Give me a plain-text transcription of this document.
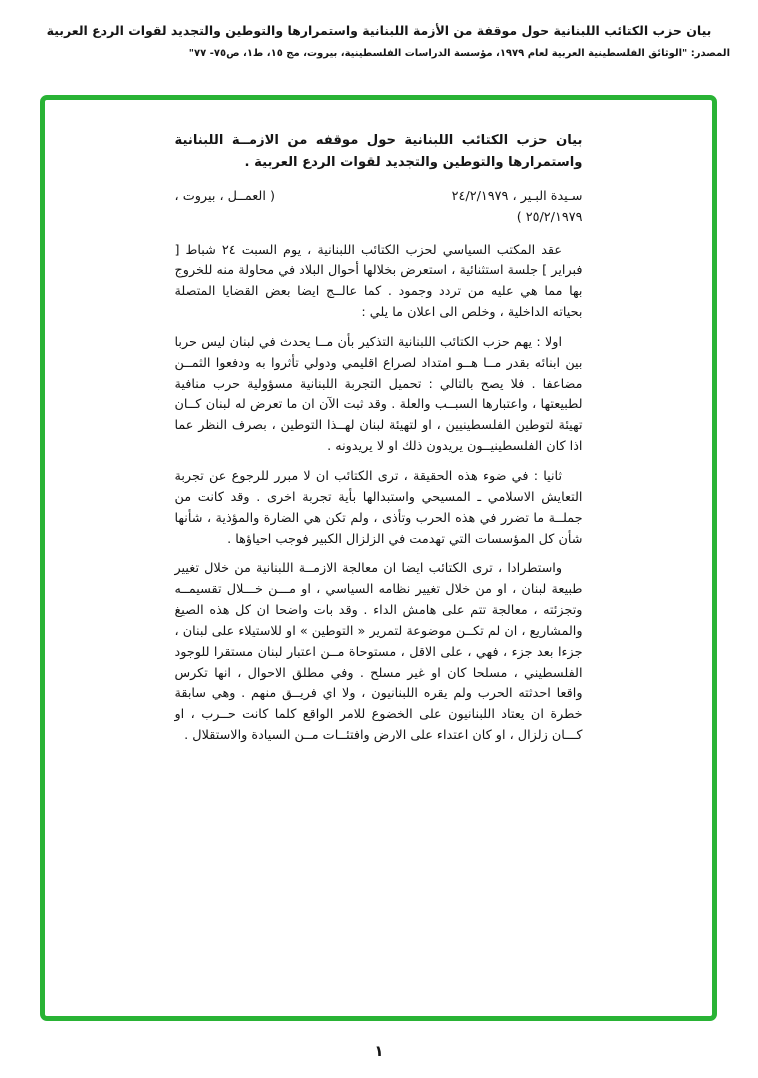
بيان حزب الكتائب اللبنانية حول موقفة من الأزمة اللبنانية واستمرارها والتوطين والتجديد لقوات الردع العربية
المصدر: "الوثائق الفلسطينية العربية لعام ١٩٧٩، مؤسسة الدراسات الفلسطينية، بيروت، مج ١٥، ط١، ص٧٥- ٧٧"
بيان حزب الكتائب اللبنانية حول موقفه من الازمــة اللبنانية واستمرارها والتوطين والتجديد لقوات الردع العربية .
سـيدة البـير ، ٢٤/٢/١٩٧٩
( العمــل ، بيروت ،
٢٥/٢/١٩٧٩ )

عقد المكتب السياسي لحزب الكتائب اللبنانية ، يوم السبت ٢٤ شباط [ فبراير ] جلسة استثنائية ، استعرض بخلالها أحوال البلاد في محاولة منه للخروج بها مما هي عليه من تردد وجمود . كما عالــج ايضا بعض القضايا المتصلة بحياته الداخلية ، وخلص الى اعلان ما يلي :

اولا : يهم حزب الكتائب اللبنانية التذكير بأن مــا يحدث في لبنان ليس حربا بين ابنائه بقدر مــا هــو امتداد لصراع اقليمي ودولي تأثروا به ودفعوا الثمــن مضاعفا . فلا يصح بالتالي : تحميل التجربة اللبنانية مسؤولية حرب منافية لطبيعتها ، واعتبارها السبــب والعلة . وقد ثبت الآن ان ما تعرض له لبنان كــان تهيئة لتوطين الفلسطينيين ، او لتهيئة لبنان لهــذا التوطين ، بصرف النظر عما اذا كان الفلسطينيــون يريدون ذلك او لا يريدونه .

ثانيا : في ضوء هذه الحقيقة ، ترى الكتائب ان لا مبرر للرجوع عن تجربة التعايش الاسلامي ـ المسيحي واستبدالها بأية تجربة اخرى . وقد كانت من جملــة ما تضرر في هذه الحرب وتأذى ، ولم تكن هي الضارة والمؤذية ، شأنها شأن كل المؤسسات التي تهدمت في الزلزال الكبير فوجب احياؤها .

واستطرادا ، ترى الكتائب ايضا ان معالجة الازمــة اللبنانية من خلال تغيير طبيعة لبنان ، او من خلال تغيير نظامه السياسي ، او مـــن خـــلال تقسيمــه وتجزئته ، معالجة تتم على هامش الداء . وقد بات واضحا ان كل هذه الصيغ والمشاريع ، ان لم تكــن موضوعة لتمرير « التوطين » او للاستيلاء على لبنان ، جزءا بعد جزء ، فهي ، على الاقل ، مستوحاة مــن اعتبار لبنان مستقرا للوجود الفلسطيني ، مسلحا كان او غير مسلح . وفي مطلق الاحوال ، انها تكرس واقعا احدثته الحرب ولم يقره اللبنانيون ، ولا اي فريــق منهم . وهي سابقة خطرة ان يعتاد اللبنانيون على الخضوع للامر الواقع كلما كانت حــرب ، او كـــان زلزال ، او كان اعتداء على الارض وافتئــات مــن السيادة والاستقلال .

١
